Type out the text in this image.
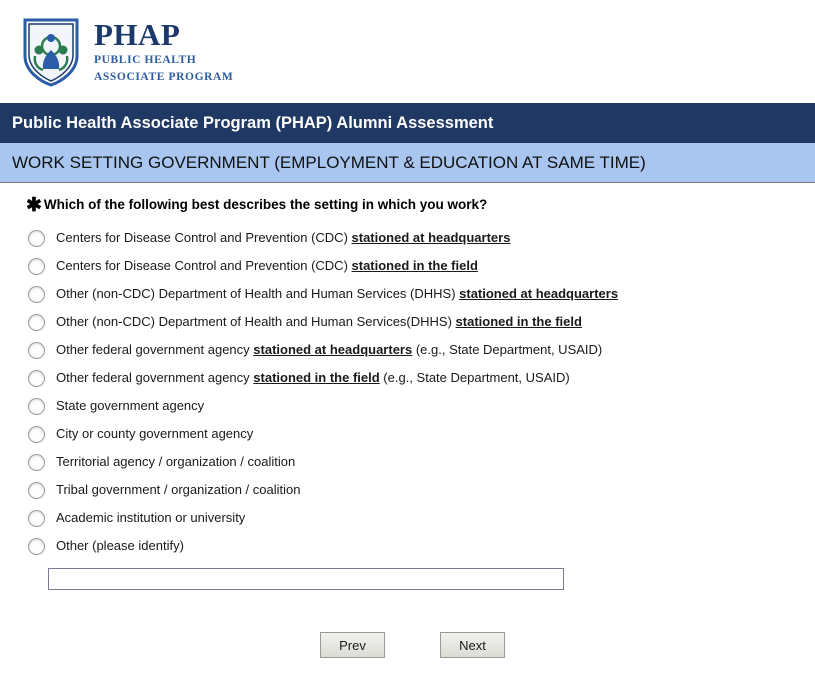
PHAP
PUBLIC HEALTH
ASSOCIATE PROGRAM
Public Health Associate Program (PHAP) Alumni Assessment
WORK SETTING GOVERNMENT (EMPLOYMENT & EDUCATION AT SAME TIME)
✱ Which of the following best describes the setting in which you work?
Centers for Disease Control and Prevention (CDC) stationed at headquarters
Centers for Disease Control and Prevention (CDC) stationed in the field
Other (non-CDC) Department of Health and Human Services (DHHS) stationed at headquarters
Other (non-CDC) Department of Health and Human Services(DHHS) stationed in the field
Other federal government agency stationed at headquarters (e.g., State Department, USAID)
Other federal government agency stationed in the field (e.g., State Department, USAID)
State government agency
City or county government agency
Territorial agency / organization / coalition
Tribal government / organization / coalition
Academic institution or university
Other (please identify)
Prev	Next
